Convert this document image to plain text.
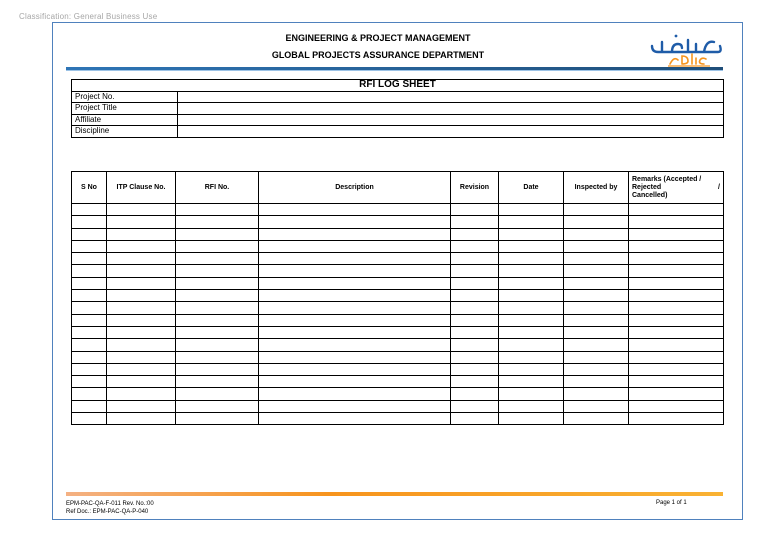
Classification: General Business Use
ENGINEERING & PROJECT MANAGEMENT
GLOBAL PROJECTS ASSURANCE DEPARTMENT
RFI LOG SHEET	
Project No.	
Project Title	
Affiliate	
Discipline	
S No	ITP Clause No.	RFI No.	Description	Revision	Date	Inspected by	Remarks (Accepted /
Rejected /
Cancelled)

EPM-PAC-QA-F-011 Rev. No.:00
Ref Doc.: EPM-PAC-QA-P-040
Page 1 of 1
